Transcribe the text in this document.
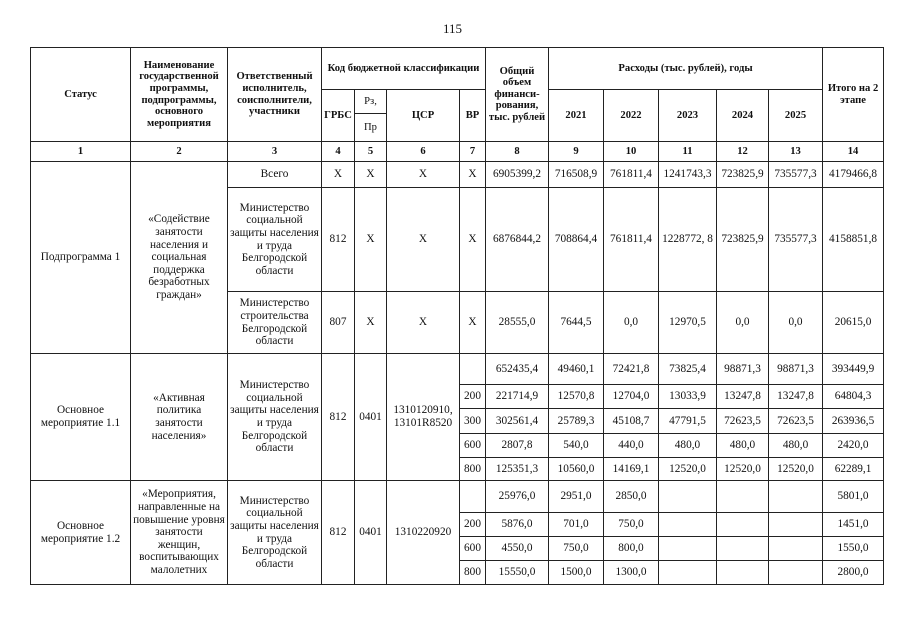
115
Статус	Наименование государственной программы, подпрограммы, основного мероприятия	Ответственный исполнитель, соисполнители, участники	Код бюджетной классификации				Общий объем финанси-рования, тыс. рублей	Расходы (тыс. рублей), годы					Итого на 2 этапе
			ГРБС	Рз,	ЦСР	ВР		2021	2022	2023	2024	2025	
				Пр									
1	2	3	4	5	6	7	8	9	10	11	12	13	14
Подпрограмма 1	«Содействие занятости населения и социальная поддержка безработных граждан»	Всего	X	X	X	X	6905399,2	716508,9	761811,4	1241743,3	723825,9	735577,3	4179466,8
		Министерство социальной защиты населения и труда Белгородской области	812	X	X	X	6876844,2	708864,4	761811,4	1228772, 8	723825,9	735577,3	4158851,8
		Министерство строительства Белгородской области	807	X	X	X	28555,0	7644,5	0,0	12970,5	0,0	0,0	20615,0
Основное мероприятие 1.1	«Активная политика занятости населения»	Министерство социальной защиты населения и труда Белгородской области	812	0401	1310120910, 13101R8520		652435,4	49460,1	72421,8	73825,4	98871,3	98871,3	393449,9
						200	221714,9	12570,8	12704,0	13033,9	13247,8	13247,8	64804,3
						300	302561,4	25789,3	45108,7	47791,5	72623,5	72623,5	263936,5
						600	2807,8	540,0	440,0	480,0	480,0	480,0	2420,0
						800	125351,3	10560,0	14169,1	12520,0	12520,0	12520,0	62289,1
Основное мероприятие 1.2	«Мероприятия, направленные на повышение уровня занятости женщин, воспитывающих малолетних	Министерство социальной защиты населения и труда Белгородской области	812	0401	1310220920		25976,0	2951,0	2850,0				5801,0
						200	5876,0	701,0	750,0				1451,0
						600	4550,0	750,0	800,0				1550,0
						800	15550,0	1500,0	1300,0				2800,0
